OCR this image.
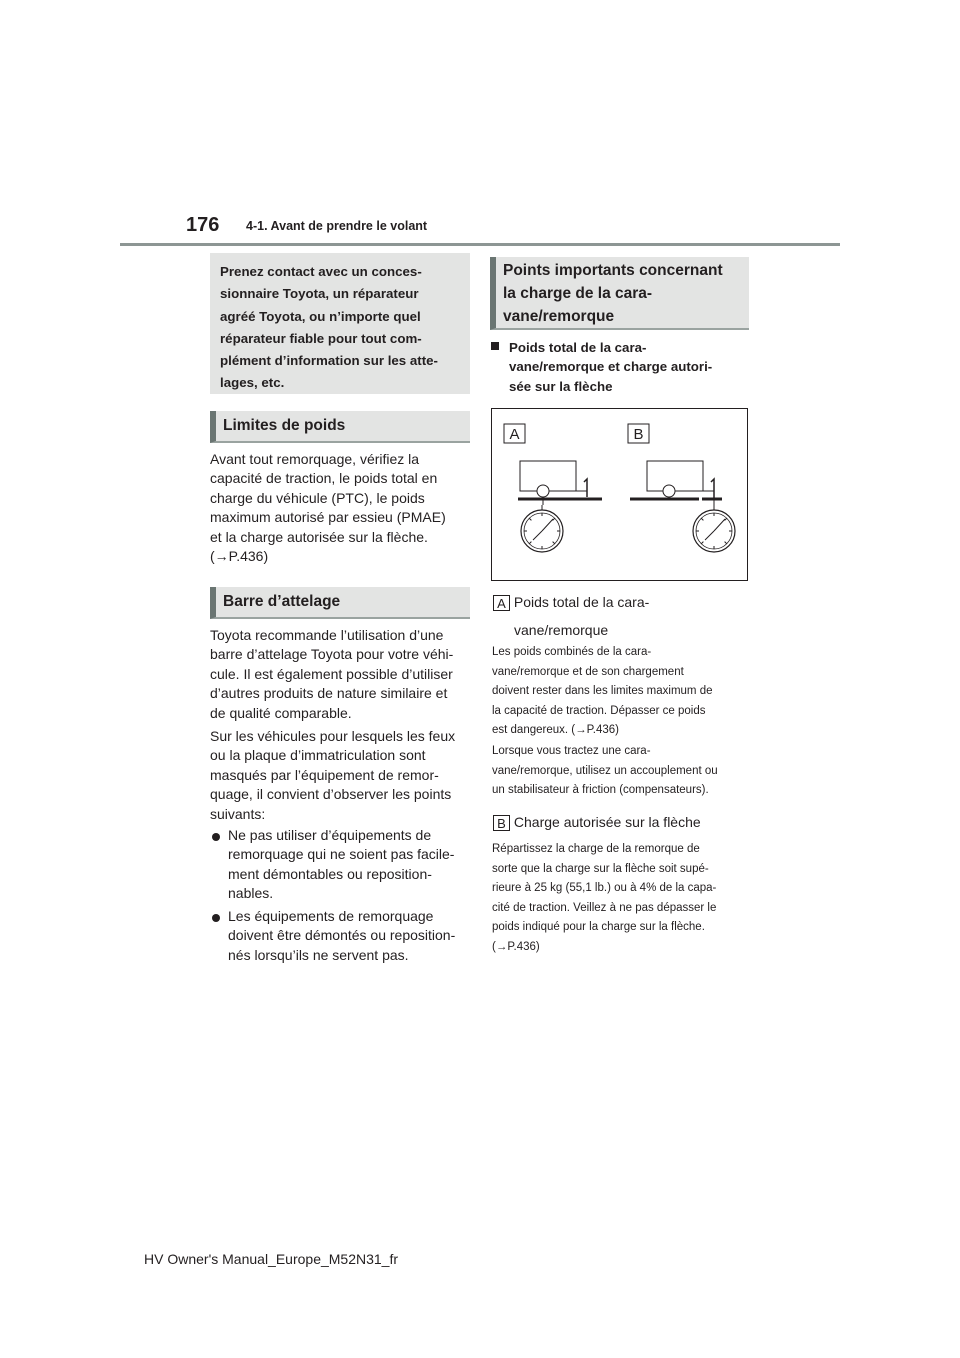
176 4-1. Avant de prendre le volant

Prenez contact avec un conces-
sionnaire Toyota, un réparateur
agréé Toyota, ou n’importe quel
réparateur fiable pour tout com-
plément d’information sur les atte-
lages, etc.

Limites de poids

Avant tout remorquage, vérifiez la
capacité de traction, le poids total en
charge du véhicule (PTC), le poids
maximum autorisé par essieu (PMAE)
et la charge autorisée sur la flèche.
(→P.436)

Barre d’attelage

Toyota recommande l’utilisation d’une
barre d’attelage Toyota pour votre véhi-
cule. Il est également possible d’utiliser
d’autres produits de nature similaire et
de qualité comparable.

Sur les véhicules pour lesquels les feux
ou la plaque d’immatriculation sont
masqués par l’équipement de remor-
quage, il convient d’observer les points
suivants:

Ne pas utiliser d’équipements de
remorquage qui ne soient pas facile-
ment démontables ou reposition-
nables.
Les équipements de remorquage
doivent être démontés ou reposition-
nés lorsqu’ils ne servent pas.
Points importants concernant
la charge de la cara-
vane/remorque
Poids total de la cara-
vane/remorque et charge autori-
sée sur la flèche
A	B
A Poids total de la cara-
vane/remorque

Les poids combinés de la cara-
vane/remorque et de son chargement
doivent rester dans les limites maximum de
la capacité de traction. Dépasser ce poids
est dangereux. (→P.436)

Lorsque vous tractez une cara-
vane/remorque, utilisez un accouplement ou
un stabilisateur à friction (compensateurs).

B Charge autorisée sur la flèche

Répartissez la charge de la remorque de
sorte que la charge sur la flèche soit supé-
rieure à 25 kg (55,1 lb.) ou à 4% de la capa-
cité de traction. Veillez à ne pas dépasser le
poids indiqué pour la charge sur la flèche.
(→P.436)

HV Owner's Manual_Europe_M52N31_fr
